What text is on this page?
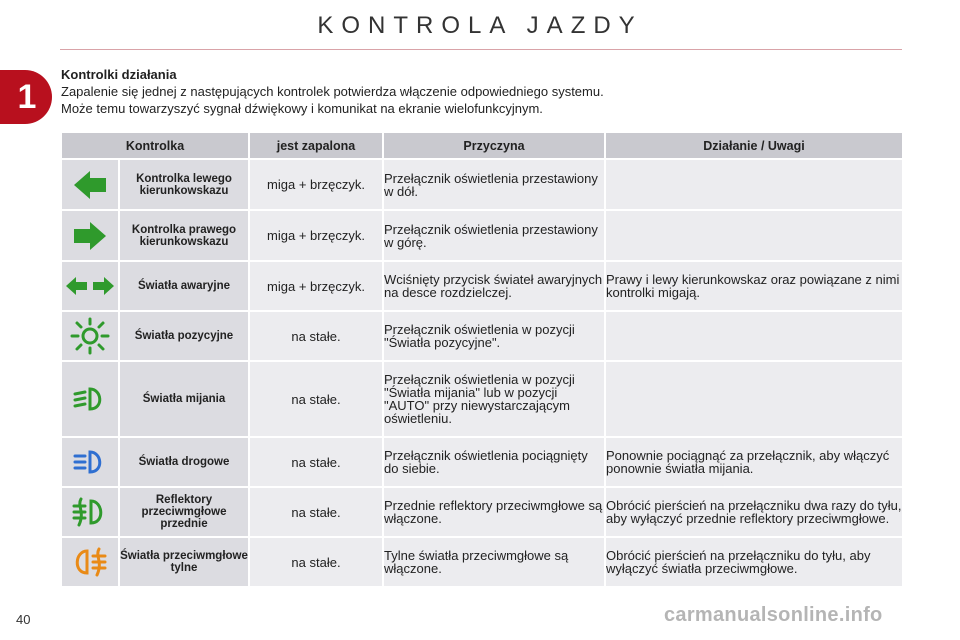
KONTROLA JAZDY
1
Kontrolki działania
Zapalenie się jednej z następujących kontrolek potwierdza włączenie odpowiedniego systemu.
Może temu towarzyszyć sygnał dźwiękowy i komunikat na ekranie wielofunkcyjnym.
Kontrolka		jest zapalona	Przyczyna	Działanie / Uwagi

	Kontrolka lewego kierunkowskazu	miga + brzęczyk.	Przełącznik oświetlenia przestawiony w dół.	

	Kontrolka prawego kierunkowskazu	miga + brzęczyk.	Przełącznik oświetlenia przestawiony w górę.	

	Światła awaryjne	miga + brzęczyk.	Wciśnięty przycisk świateł awaryjnych na desce rozdzielczej.	Prawy i lewy kierunkowskaz oraz powiązane z nimi kontrolki migają.

	Światła pozycyjne	na stałe.	Przełącznik oświetlenia w pozycji "Światła pozycyjne".	

	Światła mijania	na stałe.	Przełącznik oświetlenia w pozycji "Światła mijania" lub w pozycji "AUTO" przy niewystarczającym oświetleniu.	

	Światła drogowe	na stałe.	Przełącznik oświetlenia pociągnięty do siebie.	Ponownie pociągnąć za przełącznik, aby włączyć ponownie światła mijania.

	Reflektory przeciwmgłowe przednie	na stałe.	Przednie reflektory przeciwmgłowe są włączone.	Obrócić pierścień na przełączniku dwa razy do tyłu, aby wyłączyć przednie reflektory przeciwmgłowe.

	Światła przeciwmgłowe tylne	na stałe.	Tylne światła przeciwmgłowe są włączone.	Obrócić pierścień na przełączniku do tyłu, aby wyłączyć światła przeciwmgłowe.
40	carmanualsonline.info
